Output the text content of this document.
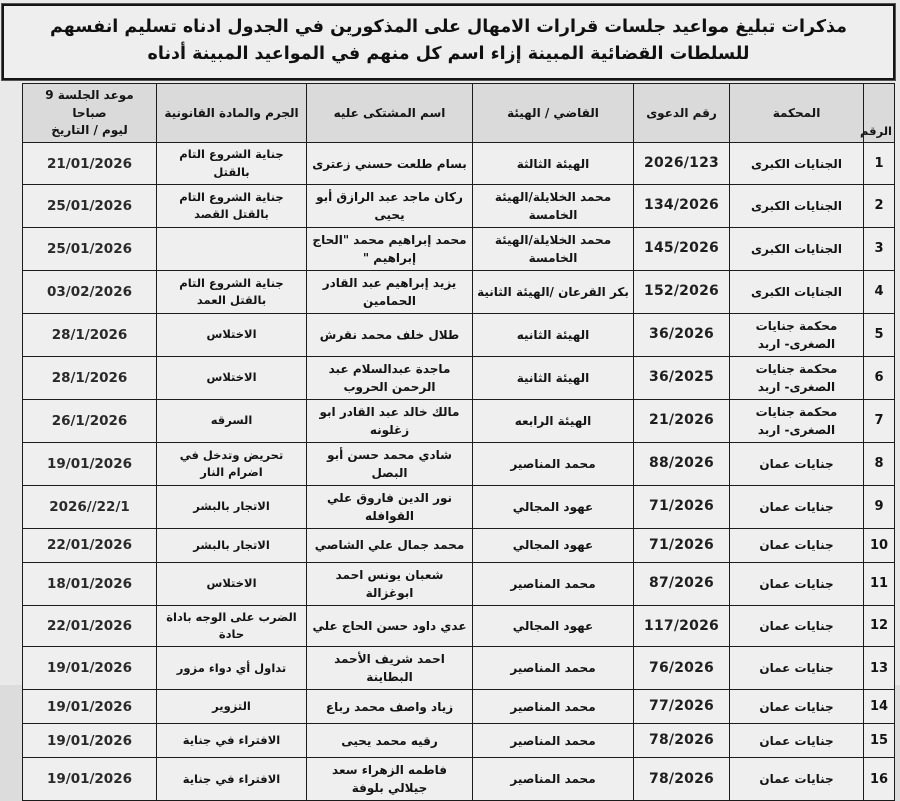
مذكرات تبليغ مواعيد جلسات قرارات الامهال على المذكورين في الجدول ادناه تسليم انفسهم
للسلطات القضائية المبينة إزاء اسم كل منهم في المواعيد المبينة أدناه
الرقم	المحكمة	رقم الدعوى	القاضي / الهيئة	اسم المشتكى عليه	الجرم والمادة القانونية	موعد الجلسة 9 صباحا
ليوم / التاريخ

1	الجنايات الكبرى	2026/123	الهيئة الثالثة	بسام طلعت حسني زعترى	جناية الشروع التام بالقتل	21/01/2026
2	الجنايات الكبرى	134/2026	محمد الخلايلة/الهيئة الخامسة	ركان ماجد عبد الرازق أبو يحيى	جناية الشروع التام بالقتل القصد	25/01/2026
3	الجنايات الكبرى	145/2026	محمد الخلايلة/الهيئة الخامسة	محمد إبراهيم محمد "الحاج إبراهيم "		25/01/2026
4	الجنايات الكبرى	152/2026	بكر القرعان /الهيئة الثانية	يزيد إبراهيم عبد القادر الحمامين	جناية الشروع التام بالقتل العمد	03/02/2026
5	محكمة جنايات الصغرى- اربد	36/2026	الهيئة الثانيه	طلال خلف محمد نقرش	الاختلاس	28/1/2026
6	محكمة جنايات الصغرى- اربد	36/2025	الهيئة الثانية	ماجدة عبدالسلام عبد الرحمن الحروب	الاختلاس	28/1/2026
7	محكمة جنايات الصغرى- اربد	21/2026	الهيئة الرابعه	مالك خالد عبد القادر ابو زغلونه	السرقه	26/1/2026
8	جنايات عمان	88/2026	محمد المناصير	شادي محمد حسن أبو البصل	تحريض وتدخل في اضرام النار	19/01/2026
9	جنايات عمان	71/2026	عهود المجالي	نور الدين فاروق علي القوافله	الاتجار بالبشر	22/1//2026
10	جنايات عمان	71/2026	عهود المجالي	محمد جمال علي الشاصي	الاتجار بالبشر	22/01/2026
11	جنايات عمان	87/2026	محمد المناصير	شعبان يونس احمد ابوغزالة	الاختلاس	18/01/2026
12	جنايات عمان	117/2026	عهود المجالي	عدي داود حسن الحاج علي	الضرب على الوجه باداة حادة	22/01/2026
13	جنايات عمان	76/2026	محمد المناصير	احمد شريف الأحمد البطاينة	تداول أي دواء مزور	19/01/2026
14	جنايات عمان	77/2026	محمد المناصير	زياد واصف محمد رباع	التزوير	19/01/2026
15	جنايات عمان	78/2026	محمد المناصير	رقيه محمد يحيى	الافتراء في جناية	19/01/2026
16	جنايات عمان	78/2026	محمد المناصير	فاطمه الزهراء سعد جيلالي بلوفة	الافتراء في جناية	19/01/2026
